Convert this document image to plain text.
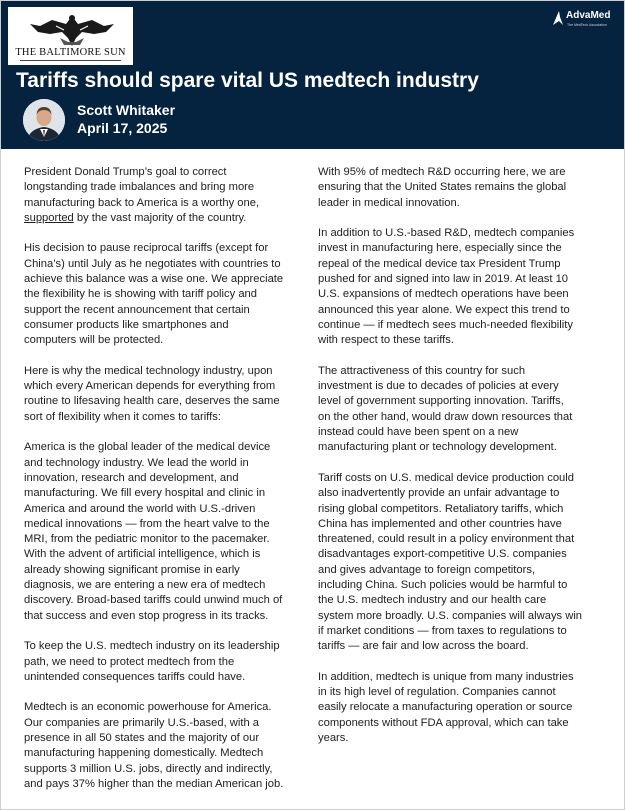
THE BALTIMORE SUN
AdvaMed
The MedTech Association
Tariffs should spare vital US medtech industry
Scott Whitaker
April 17, 2025

President Donald Trump’s goal to correct
longstanding trade imbalances and bring more
manufacturing back to America is a worthy one,
supported by the vast majority of the country.

His decision to pause reciprocal tariffs (except for
China’s) until July as he negotiates with countries to
achieve this balance was a wise one. We appreciate
the flexibility he is showing with tariff policy and
support the recent announcement that certain
consumer products like smartphones and
computers will be protected.

Here is why the medical technology industry, upon
which every American depends for everything from
routine to lifesaving health care, deserves the same
sort of flexibility when it comes to tariffs:

America is the global leader of the medical device
and technology industry. We lead the world in
innovation, research and development, and
manufacturing. We fill every hospital and clinic in
America and around the world with U.S.-driven
medical innovations — from the heart valve to the
MRI, from the pediatric monitor to the pacemaker.
With the advent of artificial intelligence, which is
already showing significant promise in early
diagnosis, we are entering a new era of medtech
discovery. Broad-based tariffs could unwind much of
that success and even stop progress in its tracks.

To keep the U.S. medtech industry on its leadership
path, we need to protect medtech from the
unintended consequences tariffs could have.

Medtech is an economic powerhouse for America.
Our companies are primarily U.S.-based, with a
presence in all 50 states and the majority of our
manufacturing happening domestically. Medtech
supports 3 million U.S. jobs, directly and indirectly,
and pays 37% higher than the median American job.

With 95% of medtech R&D occurring here, we are
ensuring that the United States remains the global
leader in medical innovation.

In addition to U.S.-based R&D, medtech companies
invest in manufacturing here, especially since the
repeal of the medical device tax President Trump
pushed for and signed into law in 2019. At least 10
U.S. expansions of medtech operations have been
announced this year alone. We expect this trend to
continue — if medtech sees much-needed flexibility
with respect to these tariffs.

The attractiveness of this country for such
investment is due to decades of policies at every
level of government supporting innovation. Tariffs,
on the other hand, would draw down resources that
instead could have been spent on a new
manufacturing plant or technology development.

Tariff costs on U.S. medical device production could
also inadvertently provide an unfair advantage to
rising global competitors. Retaliatory tariffs, which
China has implemented and other countries have
threatened, could result in a policy environment that
disadvantages export-competitive U.S. companies
and gives advantage to foreign competitors,
including China. Such policies would be harmful to
the U.S. medtech industry and our health care
system more broadly. U.S. companies will always win
if market conditions — from taxes to regulations to
tariffs — are fair and low across the board.

In addition, medtech is unique from many industries
in its high level of regulation. Companies cannot
easily relocate a manufacturing operation or source
components without FDA approval, which can take
years.
